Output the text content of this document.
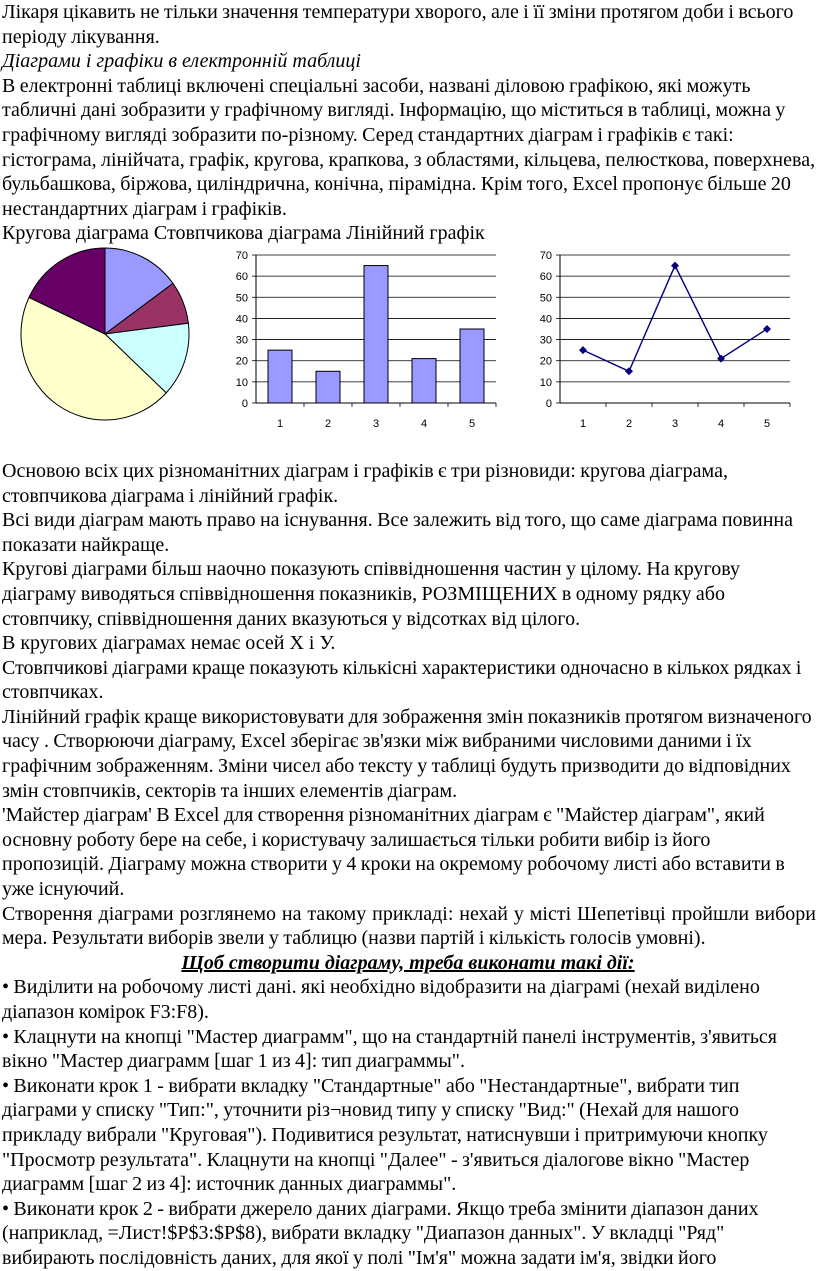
Лікаря цікавить не тільки значення температури хворого, але і її зміни протягом доби і всього періоду лікування.

Діаграми і графіки в електронній таблиці

В електронні таблиці включені спеціальні засоби, названі діловою графікою, які можуть табличні дані зобразити у графічному вигляді. Інформацію, що міститься в таблиці, можна у графічному вигляді зобразити по-різному. Серед стандартних діаграм і графіків є такі: гістограма, лінійчата, графік, кругова, крапкова, з областями, кільцева, пелюсткова, поверхнева, бульбашкова, біржова, циліндрична, конічна, пірамідна. Крім того, Excel пропонує більше 20 нестандартних діаграм і графіків.

Кругова діаграма Стовпчикова діаграма Лінійний графік

0
10
20
30
40
50
60
70
1	2	3	4	5
0
10
20
30
40
50
60
70
1	2	3	4	5

Основою всіх цих різноманітних діаграм і графіків є три різновиди: кругова діаграма, стовпчикова діаграма і лінійний графік.

Всі види діаграм мають право на існування. Все залежить від того, що саме діаграма повинна показати найкраще.

Кругові діаграми більш наочно показують співвідношення частин у цілому. На кругову діаграму виводяться співвідношення показників, РОЗМІЩЕНИХ в одному рядку або стовпчику, співвідношення даних вказуються у відсотках від цілого.

В кругових діаграмах немає осей X і У.

Стовпчикові діаграми краще показують кількісні характеристики одночасно в кількох рядках і стовпчиках.

Лінійний графік краще використовувати для зображення змін показників протягом визначеного часу . Створюючи діаграму, Excel зберігає зв'язки між вибраними числовими даними і їх графічним зображенням. Зміни чисел або тексту у таблиці будуть призводити до відповідних змін стовпчиків, секторів та інших елементів діаграм.

'Майстер діаграм' В Excel для створення різноманітних діаграм є "Майстер діаграм", який основну роботу бере на себе, і користувачу залишається тільки робити вибір із його пропозицій. Діаграму можна створити у 4 кроки на окремому робочому листі або вставити в уже існуючий.

Створення діаграми розглянемо на такому прикладі: нехай у місті Шепетівці пройшли вибори мера. Результати виборів звели у таблицю (назви партій і кількість голосів умовні).

Щоб створити діаграму, треба виконати такі дії:

• Виділити на робочому листі дані. які необхідно відобразити на діаграмі (нехай виділено діапазон комірок F3:F8).

• Клацнути на кнопці "Мастер диаграмм", що на стандартній панелі інструментів, з'явиться вікно "Мастер диаграмм [шаг 1 из 4]: тип диаграммы".

• Виконати крок 1 - вибрати вкладку "Стандартные" або "Нестандартные", вибрати тип діаграми у списку "Тип:", уточнити різ¬новид типу у списку "Вид:" (Нехай для нашого прикладу вибрали "Круговая"). Подивитися результат, натиснувши і притримуючи кнопку "Просмотр результата". Клацнути на кнопці "Далее" - з'явиться діалогове вікно "Мастер диаграмм [шаг 2 из 4]: источник данных диаграммы".

• Виконати крок 2 - вибрати джерело даних діаграми. Якщо треба змінити діапазон даних (наприклад, =Лист!$P$3:$P$8), вибрати вкладку "Диапазон данных". У вкладці "Ряд" вибирають послідовність даних, для якої у полі "Ім'я" можна задати ім'я, звідки його
